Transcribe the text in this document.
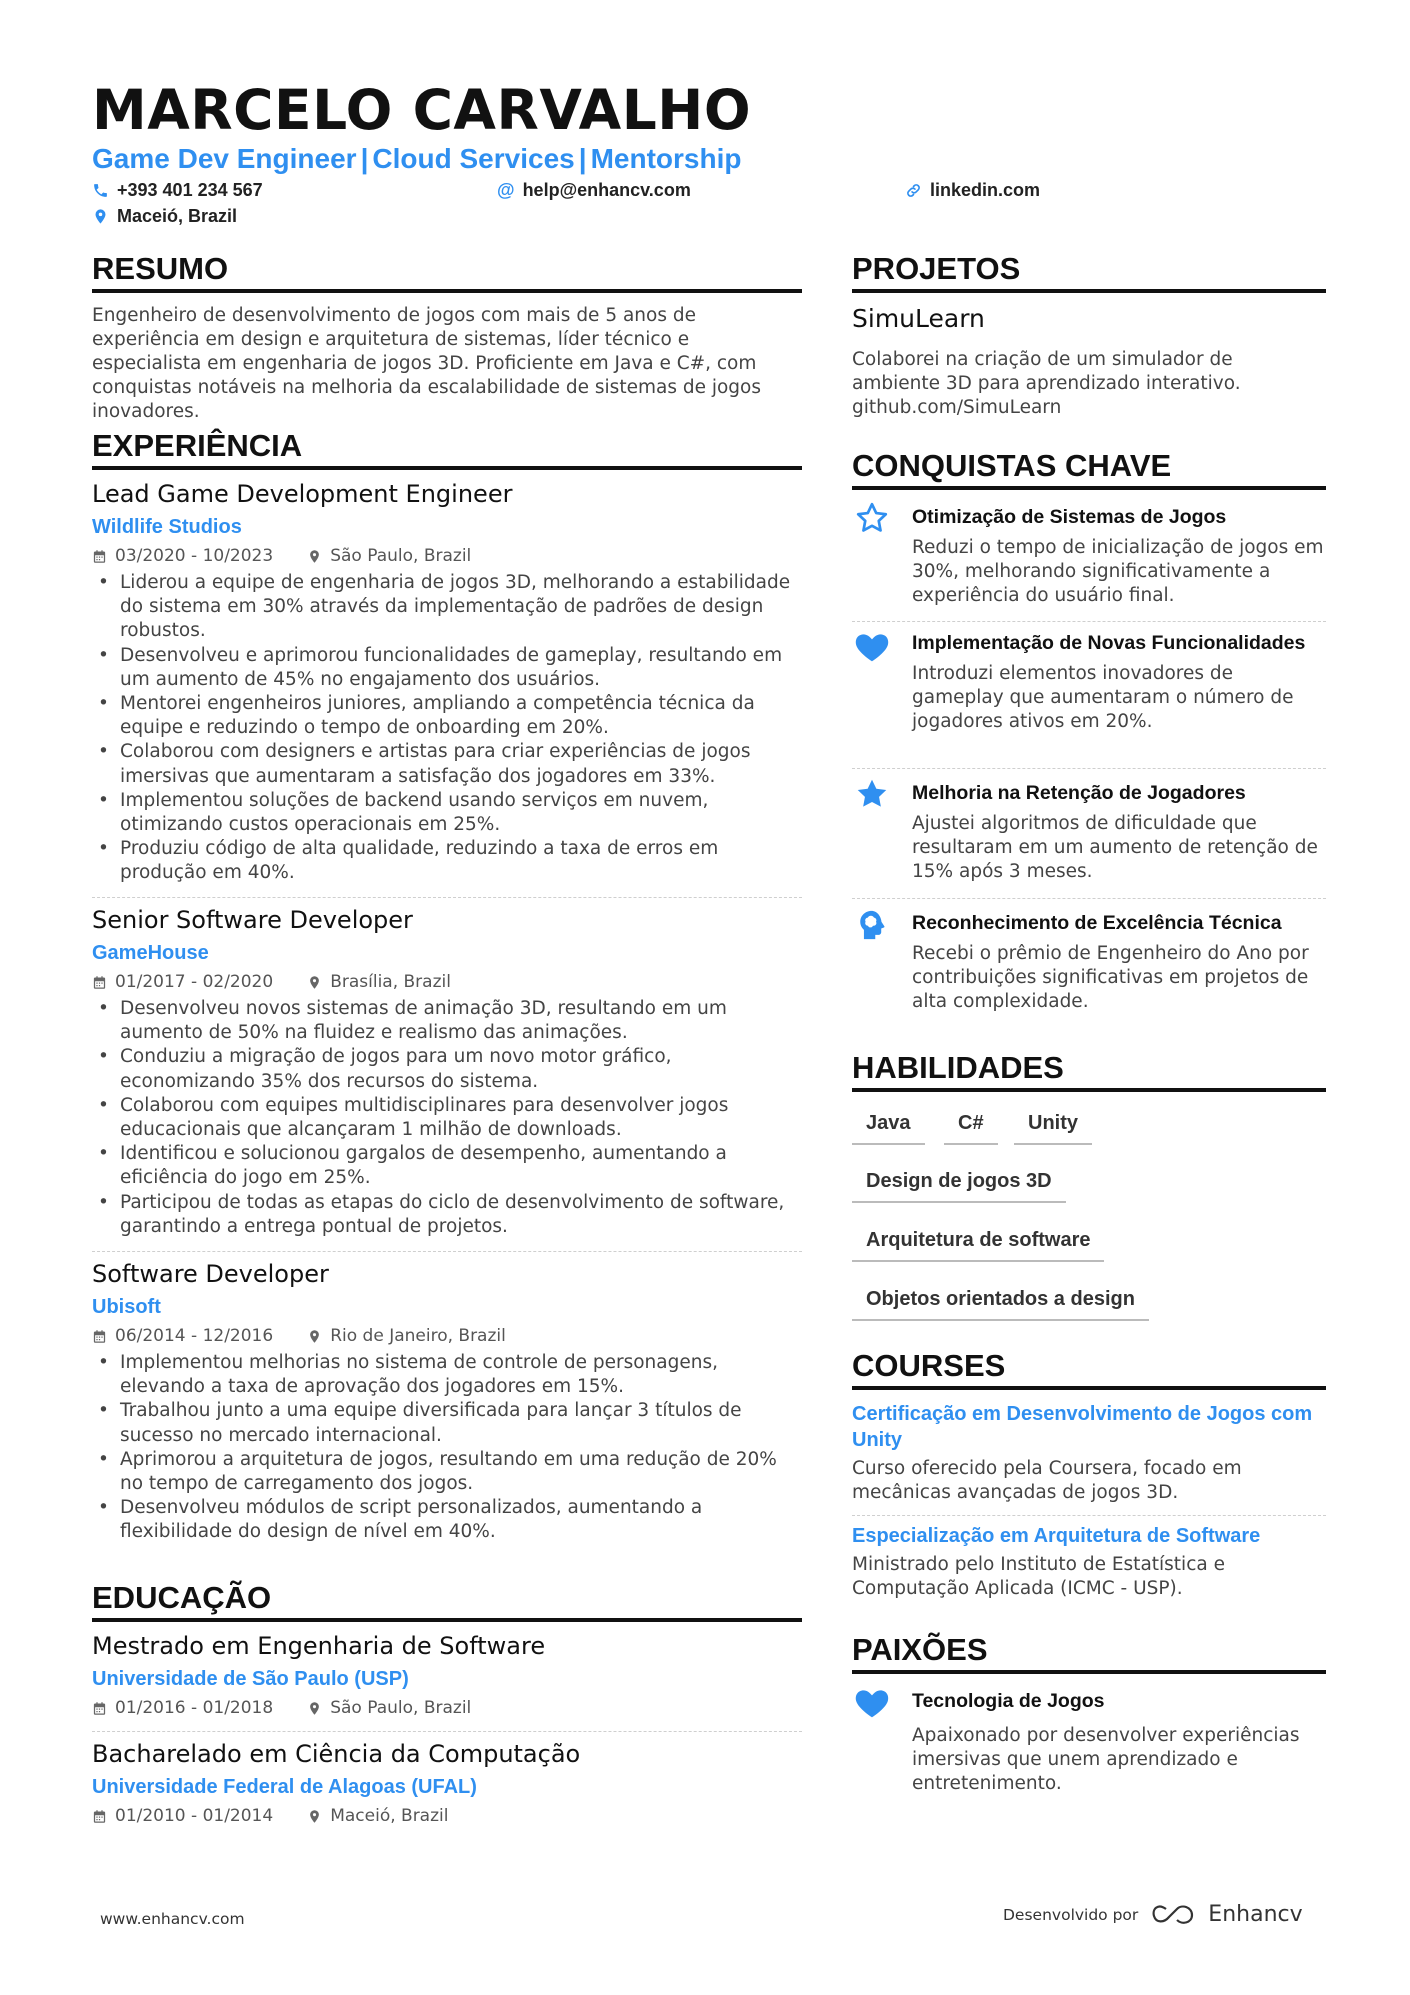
MARCELO CARVALHO
Game Dev Engineer | Cloud Services | Mentorship
+393 401 234 567	@ help@enhancv.com	linkedin.com
Maceió, Brazil
RESUMO
Engenheiro de desenvolvimento de jogos com mais de 5 anos de experiência em design e arquitetura de sistemas, líder técnico e especialista em engenharia de jogos 3D. Proficiente em Java e C#, com conquistas notáveis na melhoria da escalabilidade de sistemas de jogos inovadores.
EXPERIÊNCIA
Lead Game Development Engineer
Wildlife Studios
03/2020 - 10/2023	São Paulo, Brazil
• Liderou a equipe de engenharia de jogos 3D, melhorando a estabilidade do sistema em 30% através da implementação de padrões de design robustos.
• Desenvolveu e aprimorou funcionalidades de gameplay, resultando em um aumento de 45% no engajamento dos usuários.
• Mentorei engenheiros juniores, ampliando a competência técnica da equipe e reduzindo o tempo de onboarding em 20%.
• Colaborou com designers e artistas para criar experiências de jogos imersivas que aumentaram a satisfação dos jogadores em 33%.
• Implementou soluções de backend usando serviços em nuvem, otimizando custos operacionais em 25%.
• Produziu código de alta qualidade, reduzindo a taxa de erros em produção em 40%.
Senior Software Developer
GameHouse
01/2017 - 02/2020	Brasília, Brazil
• Desenvolveu novos sistemas de animação 3D, resultando em um aumento de 50% na fluidez e realismo das animações.
• Conduziu a migração de jogos para um novo motor gráfico, economizando 35% dos recursos do sistema.
• Colaborou com equipes multidisciplinares para desenvolver jogos educacionais que alcançaram 1 milhão de downloads.
• Identificou e solucionou gargalos de desempenho, aumentando a eficiência do jogo em 25%.
• Participou de todas as etapas do ciclo de desenvolvimento de software, garantindo a entrega pontual de projetos.
Software Developer
Ubisoft
06/2014 - 12/2016	Rio de Janeiro, Brazil
• Implementou melhorias no sistema de controle de personagens, elevando a taxa de aprovação dos jogadores em 15%.
• Trabalhou junto a uma equipe diversificada para lançar 3 títulos de sucesso no mercado internacional.
• Aprimorou a arquitetura de jogos, resultando em uma redução de 20% no tempo de carregamento dos jogos.
• Desenvolveu módulos de script personalizados, aumentando a flexibilidade do design de nível em 40%.
EDUCAÇÃO
Mestrado em Engenharia de Software
Universidade de São Paulo (USP)
01/2016 - 01/2018	São Paulo, Brazil
Bacharelado em Ciência da Computação
Universidade Federal de Alagoas (UFAL)
01/2010 - 01/2014	Maceió, Brazil
PROJETOS
SimuLearn
Colaborei na criação de um simulador de ambiente 3D para aprendizado interativo.
github.com/SimuLearn
CONQUISTAS CHAVE
Otimização de Sistemas de Jogos
Reduzi o tempo de inicialização de jogos em 30%, melhorando significativamente a experiência do usuário final.
Implementação de Novas Funcionalidades
Introduzi elementos inovadores de gameplay que aumentaram o número de jogadores ativos em 20%.
Melhoria na Retenção de Jogadores
Ajustei algoritmos de dificuldade que resultaram em um aumento de retenção de 15% após 3 meses.
Reconhecimento de Excelência Técnica
Recebi o prêmio de Engenheiro do Ano por contribuições significativas em projetos de alta complexidade.
HABILIDADES
Java	C#	Unity
Design de jogos 3D
Arquitetura de software
Objetos orientados a design
COURSES
Certificação em Desenvolvimento de Jogos com Unity
Curso oferecido pela Coursera, focado em mecânicas avançadas de jogos 3D.
Especialização em Arquitetura de Software
Ministrado pelo Instituto de Estatística e Computação Aplicada (ICMC - USP).
PAIXÕES
Tecnologia de Jogos
Apaixonado por desenvolver experiências imersivas que unem aprendizado e entretenimento.
www.enhancv.com	Desenvolvido por	Enhancv
